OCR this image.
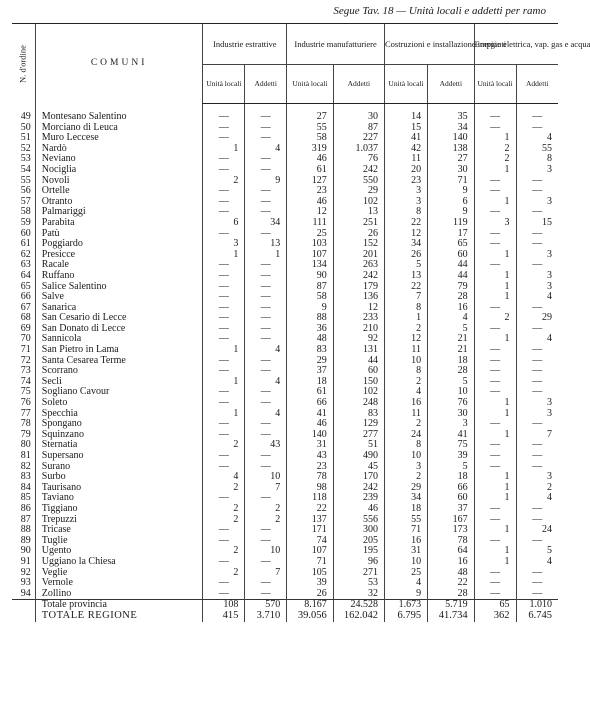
Segue Tav. 18 — Unità locali e addetti per ramo
N. d'ordine	COMUNI	Industrie estrattive		Industrie manufatturiere		Costruzioni e installazione impianti		Energie elettrica, vap. gas e acqua	
		Unità locali	Addetti	Unità locali	Addetti	Unità locali	Addetti	Unità locali	Addetti

49	Montesano Salentino	—	—	27	30	14	35	—	—
50	Morciano di Leuca	—	—	55	87	15	34	—	—
51	Muro Leccese	—	—	58	227	41	140	1	4
52	Nardò	1	4	319	1.037	42	138	2	55
53	Neviano	—	—	46	76	11	27	2	8
54	Nociglia	—	—	61	242	20	30	1	3
55	Novoli	2	9	127	550	23	71	—	—
56	Ortelle	—	—	23	29	3	9	—	—
57	Otranto	—	—	46	102	3	6	1	3
58	Palmariggi	—	—	12	13	8	9	—	—
59	Parabita	6	34	111	251	22	119	3	15
60	Patù	—	—	25	26	12	17	—	—
61	Poggiardo	3	13	103	152	34	65	—	—
62	Presicce	1	1	107	201	26	60	1	3
63	Racale	—	—	134	263	5	44	—	—
64	Ruffano	—	—	90	242	13	44	1	3
65	Salice Salentino	—	—	87	179	22	79	1	3
66	Salve	—	—	58	136	7	28	1	4
67	Sanarica	—	—	9	12	8	16	—	—
68	San Cesario di Lecce	—	—	88	233	1	4	2	29
69	San Donato di Lecce	—	—	36	210	2	5	—	—
70	Sannicola	—	—	48	92	12	21	1	4
71	San Pietro in Lama	1	4	83	131	11	21	—	—
72	Santa Cesarea Terme	—	—	29	44	10	18	—	—
73	Scorrano	—	—	37	60	8	28	—	—
74	Secli	1	4	18	150	2	5	—	—
75	Sogliano Cavour	—	—	61	102	4	10	—	—
76	Soleto	—	—	66	248	16	76	1	3
77	Specchia	1	4	41	83	11	30	1	3
78	Spongano	—	—	46	129	2	3	—	—
79	Squinzano	—	—	140	277	24	41	1	7
80	Sternatia	2	43	31	51	8	75	—	—
81	Supersano	—	—	43	490	10	39	—	—
82	Surano	—	—	23	45	3	5	—	—
83	Surbo	4	10	78	170	2	18	1	3
84	Taurisano	2	7	98	242	29	66	1	2
85	Taviano	—	—	118	239	34	60	1	4
86	Tiggiano	2	2	22	46	18	37	—	—
87	Trepuzzi	2	2	137	556	55	167	—	—
88	Tricase	—	—	171	300	71	173	1	24
89	Tuglie	—	—	74	205	16	78	—	—
90	Ugento	2	10	107	195	31	64	1	5
91	Uggiano la Chiesa	—	—	71	96	10	16	1	4
92	Veglie	2	7	105	271	25	48	—	—
93	Vernole	—	—	39	53	4	22	—	—
94	Zollino	—	—	26	32	9	28	—	—
	Totale provincia	108	570	8.167	24.528	1.673	5.719	65	1.010
	TOTALE REGIONE	415	3.710	39.056	162.042	6.795	41.734	362	6.745
